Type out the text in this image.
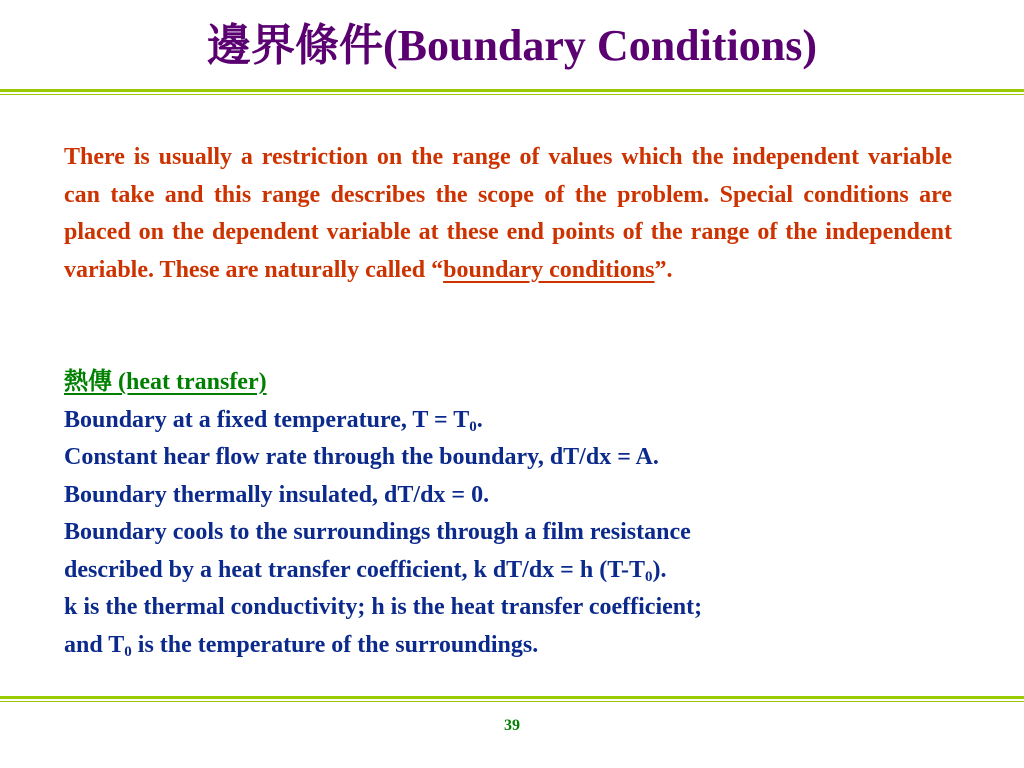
邊界條件(Boundary Conditions)
There is usually a restriction on the range of values which the independent variable can take and this range describes the scope of the problem. Special conditions are placed on the dependent variable at these end points of the range of the independent variable. These are naturally called “boundary conditions”.
熱傳 (heat transfer)
Boundary at a fixed temperature, $T = T_0$.
Constant hear flow rate through the boundary, dT/dx = A.
Boundary thermally insulated, dT/dx = 0.
Boundary cools to the surroundings through a film resistance
described by a heat transfer coefficient, k dT/dx = h $(T-T_0)$.
k is the thermal conductivity; h is the heat transfer coefficient;
and $T_0$ is the temperature of the surroundings.
39
